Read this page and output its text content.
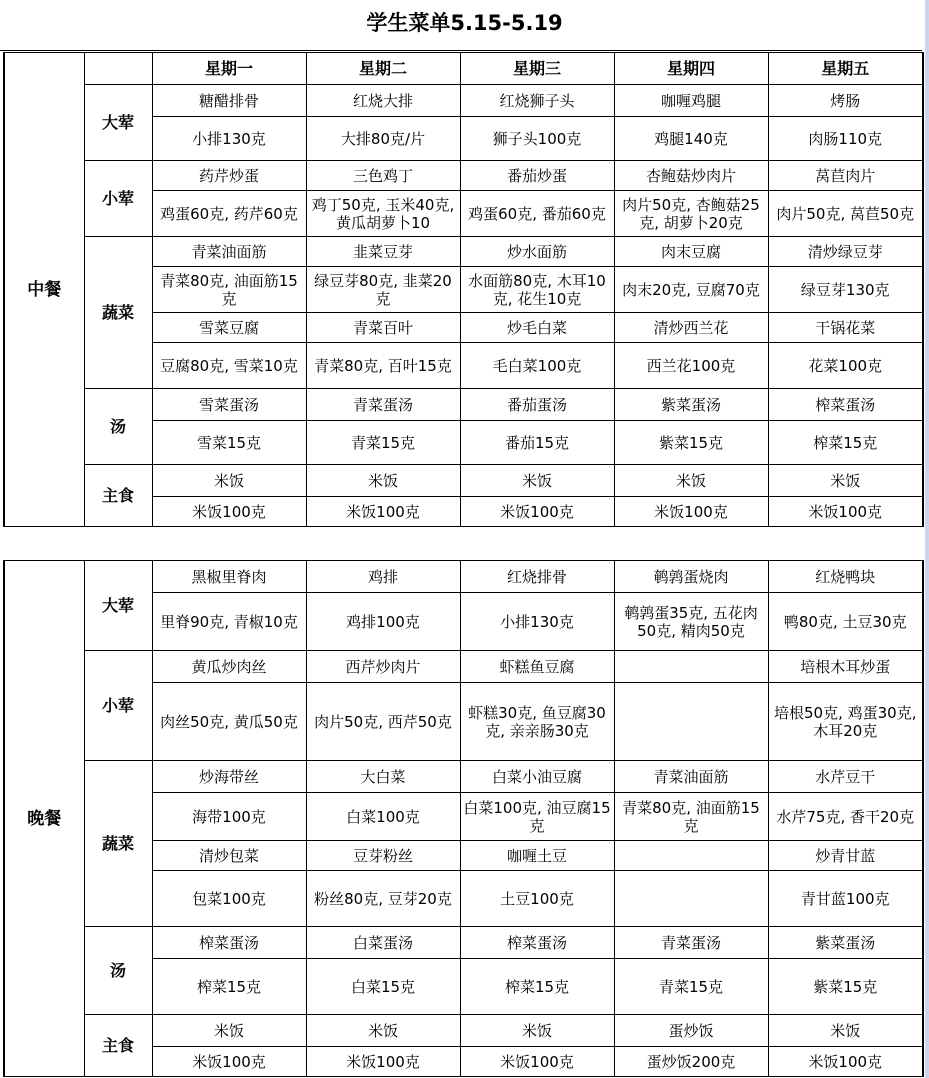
学生菜单5.15-5.19
中餐		星期一	星期二	星期三	星期四	星期五
	大荤	糖醋排骨	红烧大排	红烧狮子头	咖喱鸡腿	烤肠
		小排130克	大排80克/片	狮子头100克	鸡腿140克	肉肠110克
	小荤	药芹炒蛋	三色鸡丁	番茄炒蛋	杏鲍菇炒肉片	莴苣肉片
		鸡蛋60克, 药芹60克	鸡丁50克, 玉米40克, 黄瓜胡萝卜10	鸡蛋60克, 番茄60克	肉片50克, 杏鲍菇25克, 胡萝卜20克	肉片50克, 莴苣50克
	蔬菜	青菜油面筋	韭菜豆芽	炒水面筋	肉末豆腐	清炒绿豆芽
		青菜80克, 油面筋15克	绿豆芽80克, 韭菜20克	水面筋80克, 木耳10克, 花生10克	肉末20克, 豆腐70克	绿豆芽130克
		雪菜豆腐	青菜百叶	炒毛白菜	清炒西兰花	干锅花菜
		豆腐80克, 雪菜10克	青菜80克, 百叶15克	毛白菜100克	西兰花100克	花菜100克
	汤	雪菜蛋汤	青菜蛋汤	番茄蛋汤	紫菜蛋汤	榨菜蛋汤
		雪菜15克	青菜15克	番茄15克	紫菜15克	榨菜15克
	主食	米饭	米饭	米饭	米饭	米饭
		米饭100克	米饭100克	米饭100克	米饭100克	米饭100克
晚餐	大荤	黑椒里脊肉	鸡排	红烧排骨	鹌鹑蛋烧肉	红烧鸭块
		里脊90克, 青椒10克	鸡排100克	小排130克	鹌鹑蛋35克, 五花肉50克, 精肉50克	鸭80克, 土豆30克
	小荤	黄瓜炒肉丝	西芹炒肉片	虾糕鱼豆腐		培根木耳炒蛋
		肉丝50克, 黄瓜50克	肉片50克, 西芹50克	虾糕30克, 鱼豆腐30克, 亲亲肠30克		培根50克, 鸡蛋30克, 木耳20克
	蔬菜	炒海带丝	大白菜	白菜小油豆腐	青菜油面筋	水芹豆干
		海带100克	白菜100克	白菜100克, 油豆腐15克	青菜80克, 油面筋15克	水芹75克, 香干20克
		清炒包菜	豆芽粉丝	咖喱土豆		炒青甘蓝
		包菜100克	粉丝80克, 豆芽20克	土豆100克		青甘蓝100克
	汤	榨菜蛋汤	白菜蛋汤	榨菜蛋汤	青菜蛋汤	紫菜蛋汤
		榨菜15克	白菜15克	榨菜15克	青菜15克	紫菜15克
	主食	米饭	米饭	米饭	蛋炒饭	米饭
		米饭100克	米饭100克	米饭100克	蛋炒饭200克	米饭100克
